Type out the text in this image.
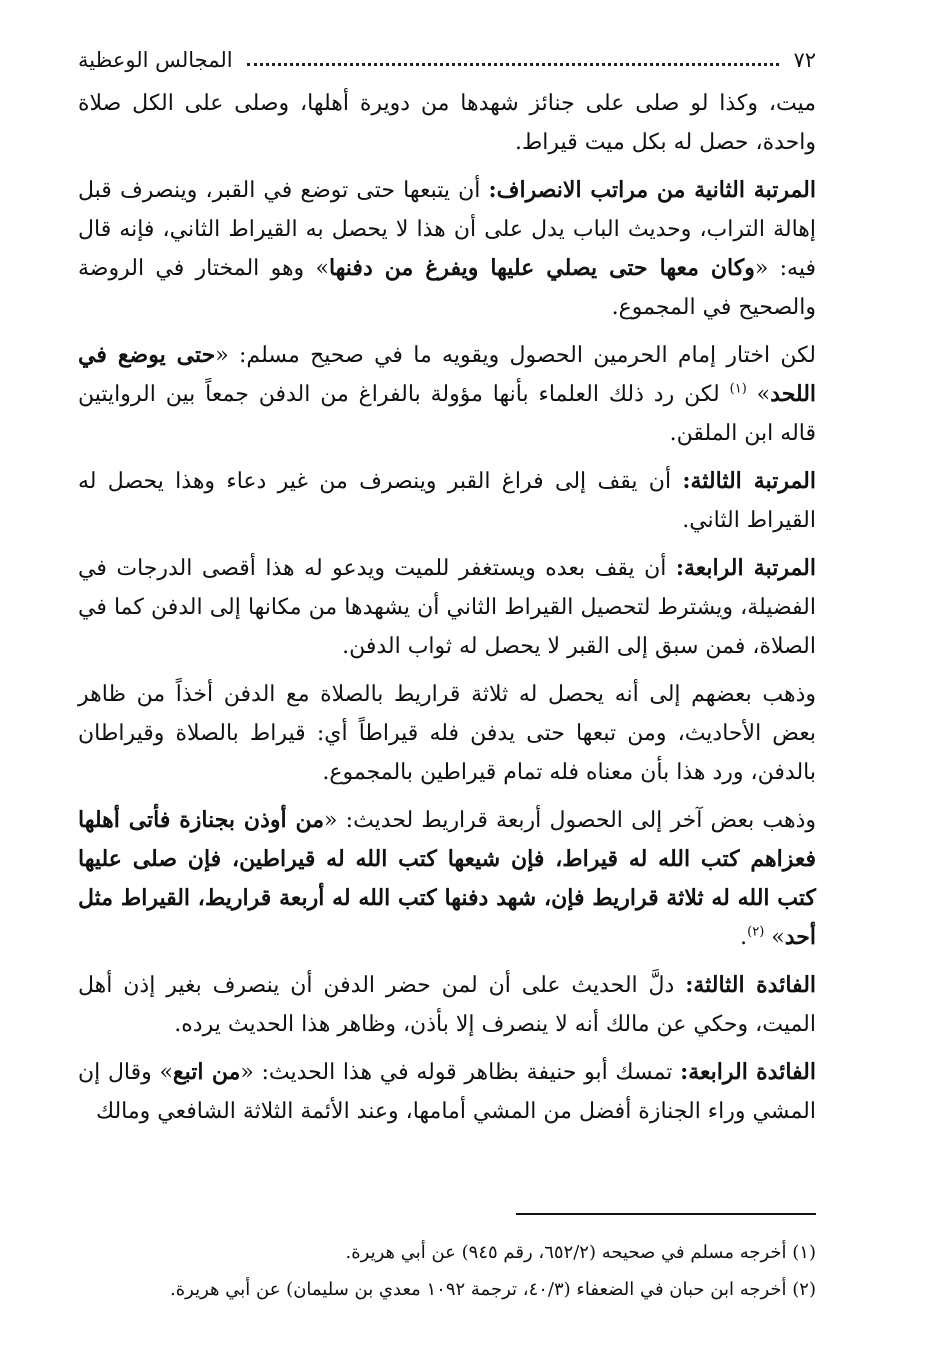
٧٢
المجالس الوعظية

ميت، وكذا لو صلى على جنائز شهدها من دويرة أهلها، وصلى على الكل صلاة واحدة، حصل له بكل ميت قيراط.

المرتبة الثانية من مراتب الانصراف: أن يتبعها حتى توضع في القبر، وينصرف قبل إهالة التراب، وحديث الباب يدل على أن هذا لا يحصل به القيراط الثاني، فإنه قال فيه: «وكان معها حتى يصلي عليها ويفرغ من دفنها» وهو المختار في الروضة والصحيح في المجموع.

لكن اختار إمام الحرمين الحصول ويقويه ما في صحيح مسلم: «حتى يوضع في اللحد» $^{(١)}$ لكن رد ذلك العلماء بأنها مؤولة بالفراغ من الدفن جمعاً بين الروايتين قاله ابن الملقن.

المرتبة الثالثة: أن يقف إلى فراغ القبر وينصرف من غير دعاء وهذا يحصل له القيراط الثاني.

المرتبة الرابعة: أن يقف بعده ويستغفر للميت ويدعو له هذا أقصى الدرجات في الفضيلة، ويشترط لتحصيل القيراط الثاني أن يشهدها من مكانها إلى الدفن كما في الصلاة، فمن سبق إلى القبر لا يحصل له ثواب الدفن.

وذهب بعضهم إلى أنه يحصل له ثلاثة قراريط بالصلاة مع الدفن أخذاً من ظاهر بعض الأحاديث، ومن تبعها حتى يدفن فله قيراطاً أي: قيراط بالصلاة وقيراطان بالدفن، ورد هذا بأن معناه فله تمام قيراطين بالمجموع.

وذهب بعض آخر إلى الحصول أربعة قراريط لحديث: «من أوذن بجنازة فأتى أهلها فعزاهم كتب الله له قيراط، فإن شيعها كتب الله له قيراطين، فإن صلى عليها كتب الله له ثلاثة قراريط فإن، شهد دفنها كتب الله له أربعة قراريط، القيراط مثل أحد» $^{(٢)}$.

الفائدة الثالثة: دلَّ الحديث على أن لمن حضر الدفن أن ينصرف بغير إذن أهل الميت، وحكي عن مالك أنه لا ينصرف إلا بأذن، وظاهر هذا الحديث يرده.

الفائدة الرابعة: تمسك أبو حنيفة بظاهر قوله في هذا الحديث: «من اتبع» وقال إن المشي وراء الجنازة أفضل من المشي أمامها، وعند الأئمة الثلاثة الشافعي ومالك

(١) أخرجه مسلم في صحيحه (٦٥٢/٢، رقم ٩٤٥) عن أبي هريرة.

(٢) أخرجه ابن حبان في الضعفاء (٤٠/٣، ترجمة ١٠٩٢ معدي بن سليمان) عن أبي هريرة.
